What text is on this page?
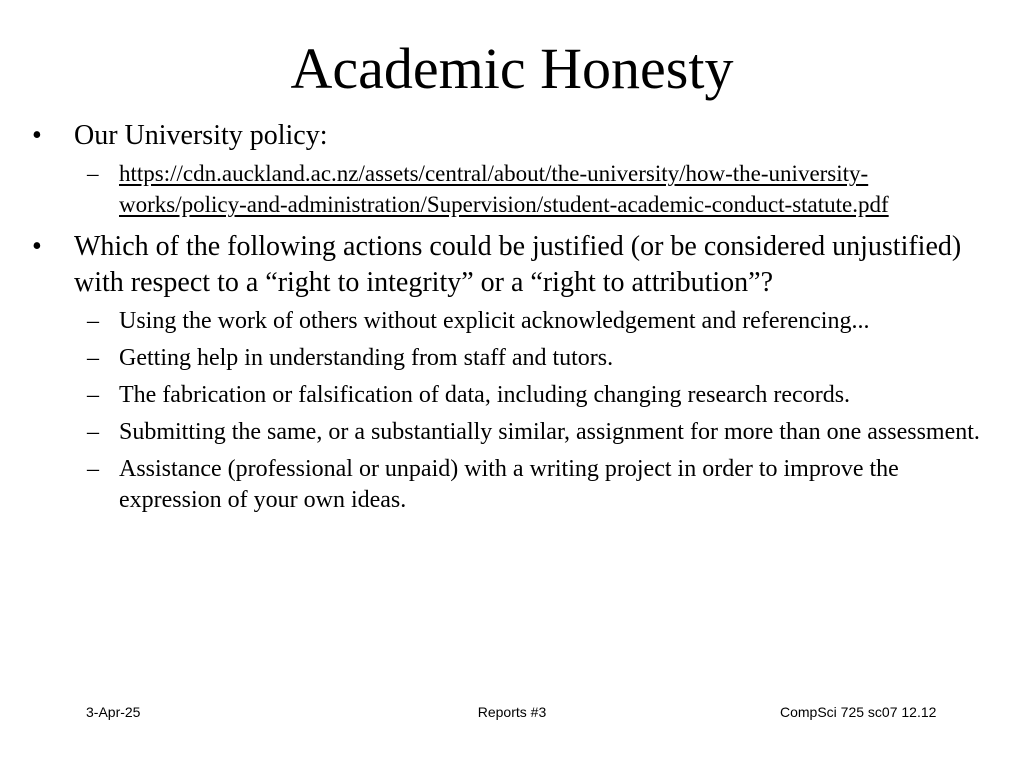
Academic Honesty
• Our University policy:
– https://cdn.auckland.ac.nz/assets/central/about/the-university/how-the-university-works/policy-and-administration/Supervision/student-academic-conduct-statute.pdf
• Which of the following actions could be justified (or be considered unjustified) with respect to a “right to integrity” or a “right to attribution”?
– Using the work of others without explicit acknowledgement and referencing...
– Getting help in understanding from staff and tutors.
– The fabrication or falsification of data, including changing research records.
– Submitting the same, or a substantially similar, assignment for more than one assessment.
– Assistance (professional or unpaid) with a writing project in order to improve the expression of your own ideas.
3-Apr-25	Reports #3	CompSci 725 sc07 12.12
